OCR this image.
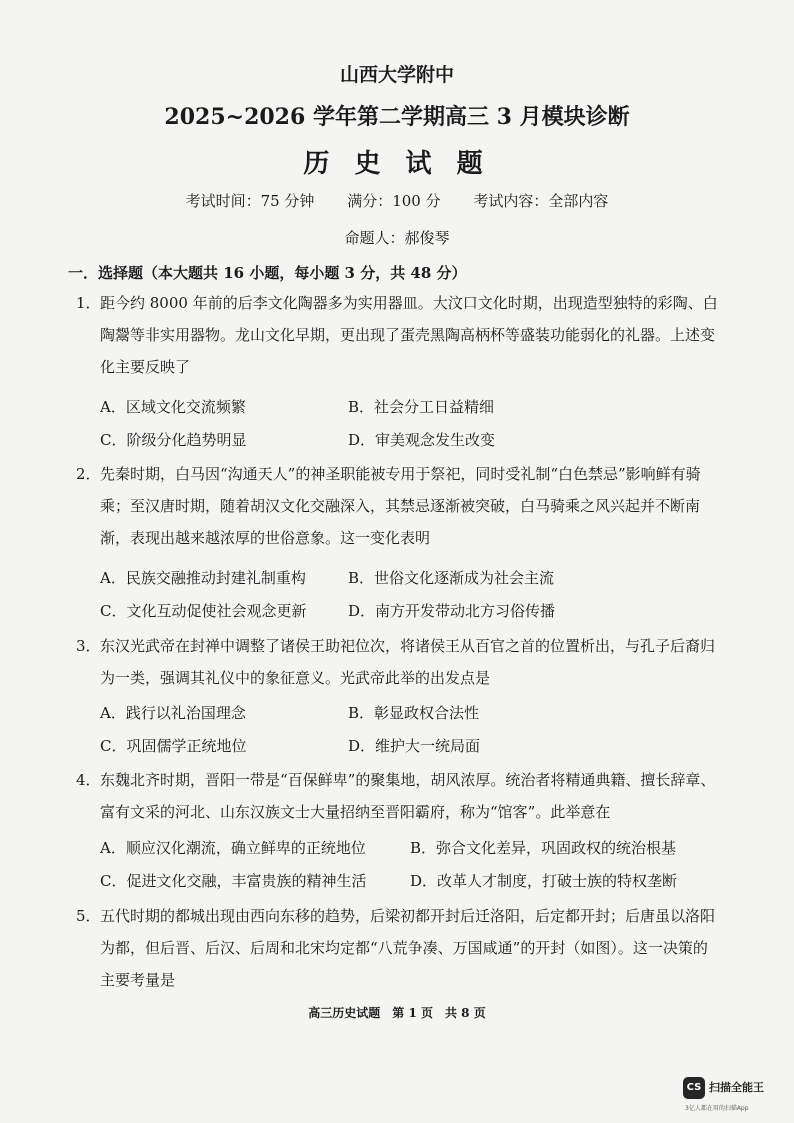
山西大学附中
2025~2026 学年第二学期高三 3 月模块诊断
历 史 试 题
考试时间：75 分钟 满分：100 分 考试内容：全部内容
命题人：郝俊琴
一．选择题（本大题共 16 小题，每小题 3 分，共 48 分）

1．距今约 8000 年前的后李文化陶器多为实用器皿。大汶口文化时期，出现造型独特的彩陶、白陶鬶等非实用器物。龙山文化早期，更出现了蛋壳黑陶高柄杯等盛装功能弱化的礼器。上述变化主要反映了

A．区域文化交流频繁	B．社会分工日益精细
C．阶级分化趋势明显	D．审美观念发生改变

2．先秦时期，白马因“沟通天人”的神圣职能被专用于祭祀，同时受礼制“白色禁忌”影响鲜有骑乘；至汉唐时期，随着胡汉文化交融深入，其禁忌逐渐被突破，白马骑乘之风兴起并不断南渐，表现出越来越浓厚的世俗意象。这一变化表明

A．民族交融推动封建礼制重构	B．世俗文化逐渐成为社会主流
C．文化互动促使社会观念更新	D．南方开发带动北方习俗传播

3．东汉光武帝在封禅中调整了诸侯王助祀位次，将诸侯王从百官之首的位置析出，与孔子后裔归为一类，强调其礼仪中的象征意义。光武帝此举的出发点是

A．践行以礼治国理念	B．彰显政权合法性
C．巩固儒学正统地位	D．维护大一统局面

4．东魏北齐时期，晋阳一带是“百保鲜卑”的聚集地，胡风浓厚。统治者将精通典籍、擅长辞章、富有文采的河北、山东汉族文士大量招纳至晋阳霸府，称为“馆客”。此举意在

A．顺应汉化潮流，确立鲜卑的正统地位	B．弥合文化差异，巩固政权的统治根基
C．促进文化交融，丰富贵族的精神生活	D．改革人才制度，打破士族的特权垄断

5．五代时期的都城出现由西向东移的趋势，后梁初都开封后迁洛阳，后定都开封；后唐虽以洛阳为都，但后晋、后汉、后周和北宋均定都“八荒争凑、万国咸通”的开封（如图）。这一决策的主要考量是

高三历史试题　第 1 页　共 8 页
CS 扫描全能王
3亿人都在用的扫描App
